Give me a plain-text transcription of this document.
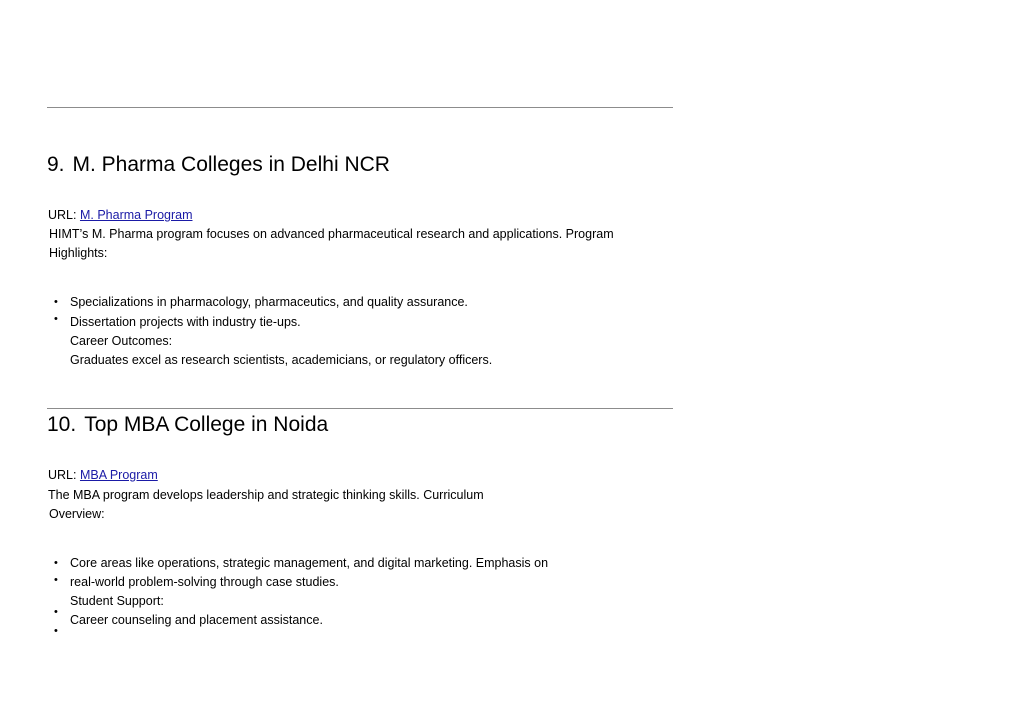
9. M. Pharma Colleges in Delhi NCR
URL: M. Pharma Program
HIMT’s M. Pharma program focuses on advanced pharmaceutical research and applications. Program
Highlights:
• Specializations in pharmacology, pharmaceutics, and quality assurance.
• Dissertation projects with industry tie-ups.
Career Outcomes:
Graduates excel as research scientists, academicians, or regulatory officers.
10. Top MBA College in Noida
URL: MBA Program
The MBA program develops leadership and strategic thinking skills. Curriculum
Overview:
• Core areas like operations, strategic management, and digital marketing. Emphasis on
• real-world problem-solving through case studies.
Student Support:
•
Career counseling and placement assistance.
•
